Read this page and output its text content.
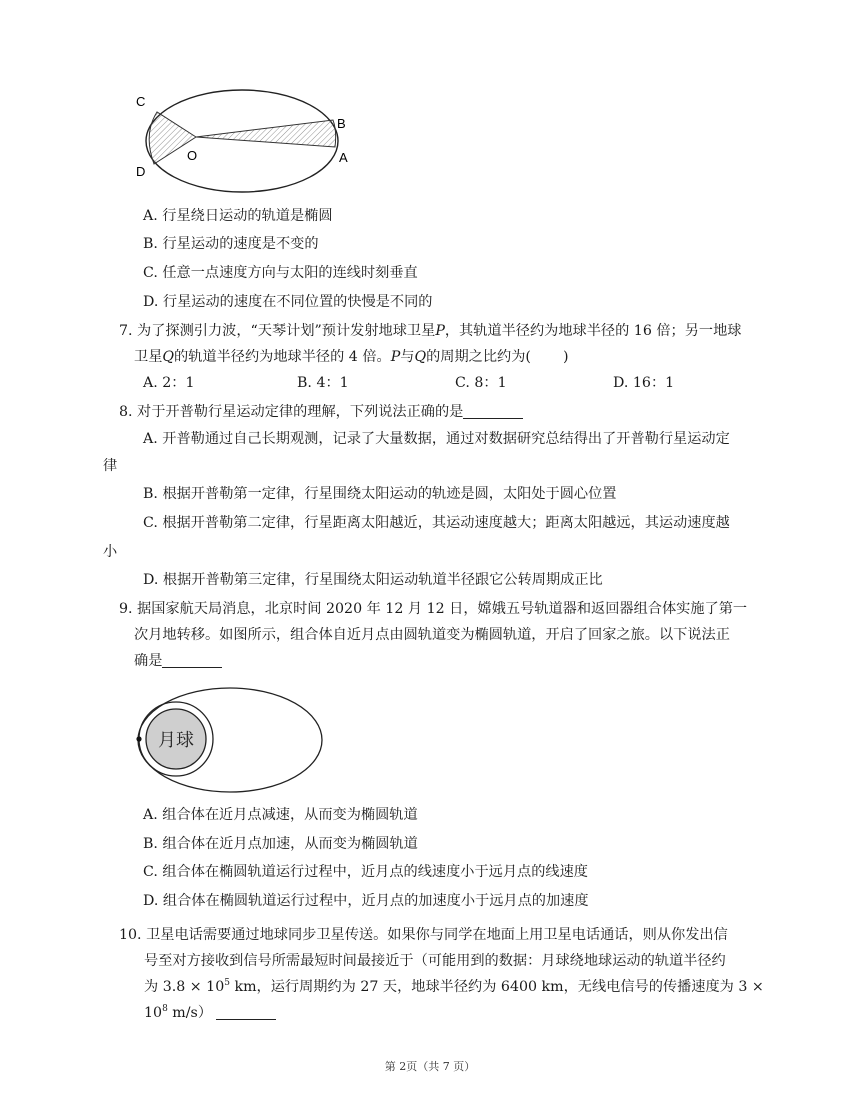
C
D
O
B
A
A. 行星绕日运动的轨道是椭圆
B. 行星运动的速度是不变的
C. 任意一点速度方向与太阳的连线时刻垂直
D. 行星运动的速度在不同位置的快慢是不同的
7. 为了探测引力波，“天琴计划”预计发射地球卫星P，其轨道半径约为地球半径的 16 倍；另一地球
卫星Q的轨道半径约为地球半径的 4 倍。P与Q的周期之比约为( )
A. 2：1	B. 4：1	C. 8：1	D. 16：1
8. 对于开普勒行星运动定律的理解，下列说法正确的是
A. 开普勒通过自己长期观测，记录了大量数据，通过对数据研究总结得出了开普勒行星运动定
律
B. 根据开普勒第一定律，行星围绕太阳运动的轨迹是圆，太阳处于圆心位置
C. 根据开普勒第二定律，行星距离太阳越近，其运动速度越大；距离太阳越远，其运动速度越
小
D. 根据开普勒第三定律，行星围绕太阳运动轨道半径跟它公转周期成正比
9. 据国家航天局消息，北京时间 2020 年 12 月 12 日，嫦娥五号轨道器和返回器组合体实施了第一
次月地转移。如图所示，组合体自近月点由圆轨道变为椭圆轨道，开启了回家之旅。以下说法正
确是
月球
A. 组合体在近月点减速，从而变为椭圆轨道
B. 组合体在近月点加速，从而变为椭圆轨道
C. 组合体在椭圆轨道运行过程中，近月点的线速度小于远月点的线速度
D. 组合体在椭圆轨道运行过程中，近月点的加速度小于远月点的加速度
10. 卫星电话需要通过地球同步卫星传送。如果你与同学在地面上用卫星电话通话，则从你发出信
号至对方接收到信号所需最短时间最接近于（可能用到的数据：月球绕地球运动的轨道半径约
为 $3.8 \times 10^5$ km，运行周期约为 27 天，地球半径约为 6400 km，无线电信号的传播速度为 3 ×
$10^8$ m/s）
第 2页（共 7 页）
